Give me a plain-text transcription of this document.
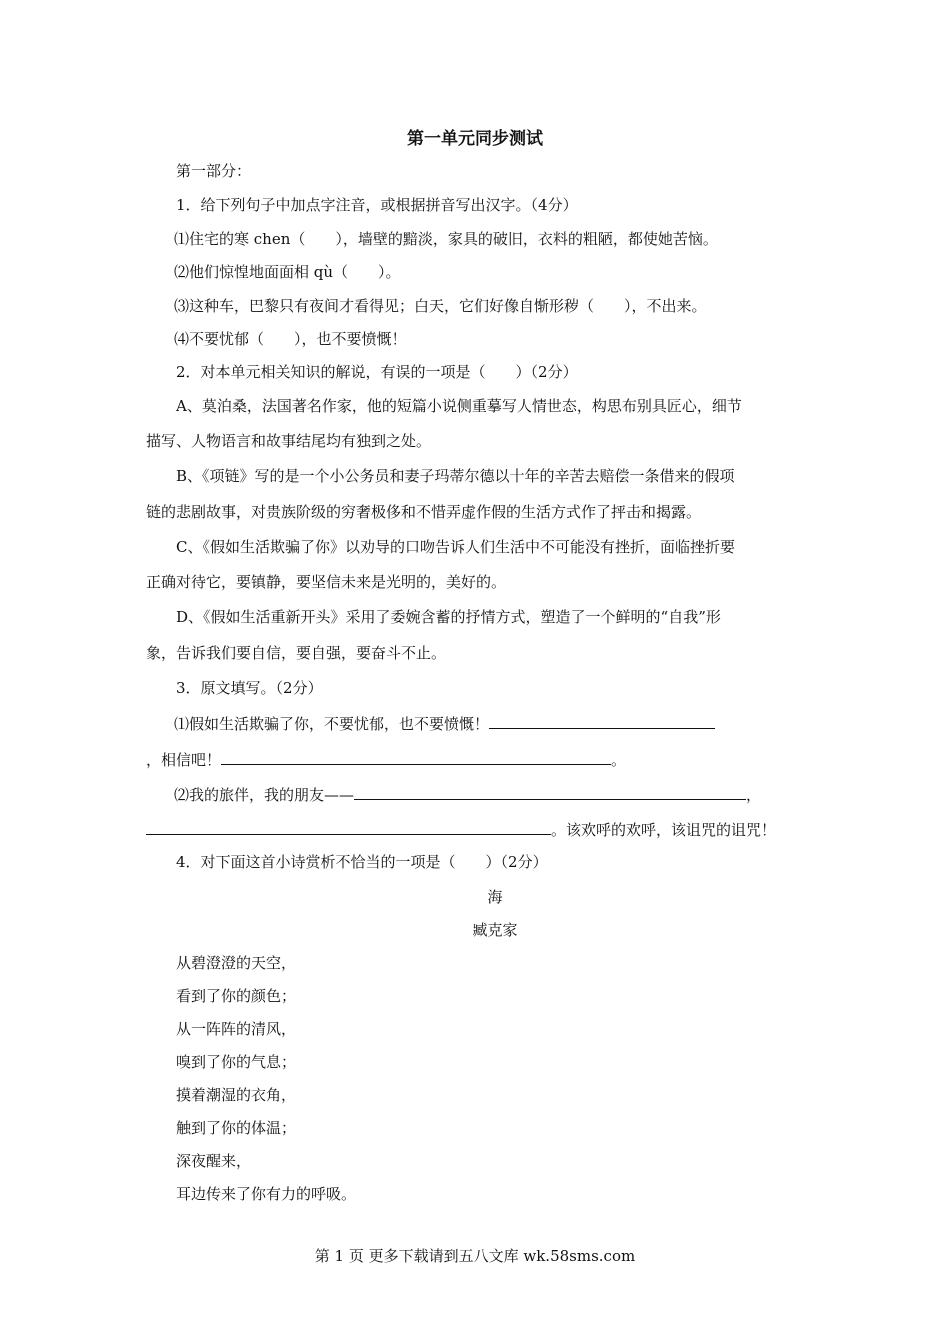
第一单元同步测试
第一部分：
1．给下列句子中加点字注音，或根据拼音写出汉字。（4分）
⑴住宅的寒 chen（　　），墙壁的黯淡，家具的破旧，衣料的粗陋，都使她苦恼。
⑵他们惊惶地面面相 qù（　　）。
⑶这种车，巴黎只有夜间才看得见；白天，它们好像自惭形秽（　　），不出来。
⑷不要忧郁（　　），也不要愤慨！
2．对本单元相关知识的解说，有误的一项是（　　）（2分）
A、莫泊桑，法国著名作家，他的短篇小说侧重摹写人情世态，构思布别具匠心，细节
描写、人物语言和故事结尾均有独到之处。
B、《项链》写的是一个小公务员和妻子玛蒂尔德以十年的辛苦去赔偿一条借来的假项
链的悲剧故事，对贵族阶级的穷奢极侈和不惜弄虚作假的生活方式作了抨击和揭露。
C、《假如生活欺骗了你》以劝导的口吻告诉人们生活中不可能没有挫折，面临挫折要
正确对待它，要镇静，要坚信未来是光明的，美好的。
D、《假如生活重新开头》采用了委婉含蓄的抒情方式，塑造了一个鲜明的“自我”形
象，告诉我们要自信，要自强，要奋斗不止。
3．原文填写。（2分）
⑴假如生活欺骗了你，不要忧郁，也不要愤慨！
，相信吧！	。
⑵我的旅伴，我的朋友——	，
。该欢呼的欢呼，该诅咒的诅咒！
4．对下面这首小诗赏析不恰当的一项是（　　）（2分）
海
臧克家
从碧澄澄的天空，
看到了你的颜色；
从一阵阵的清风，
嗅到了你的气息；
摸着潮湿的衣角，
触到了你的体温；
深夜醒来，
耳边传来了你有力的呼吸。
第 1 页 更多下载请到五八文库 wk.58sms.com
